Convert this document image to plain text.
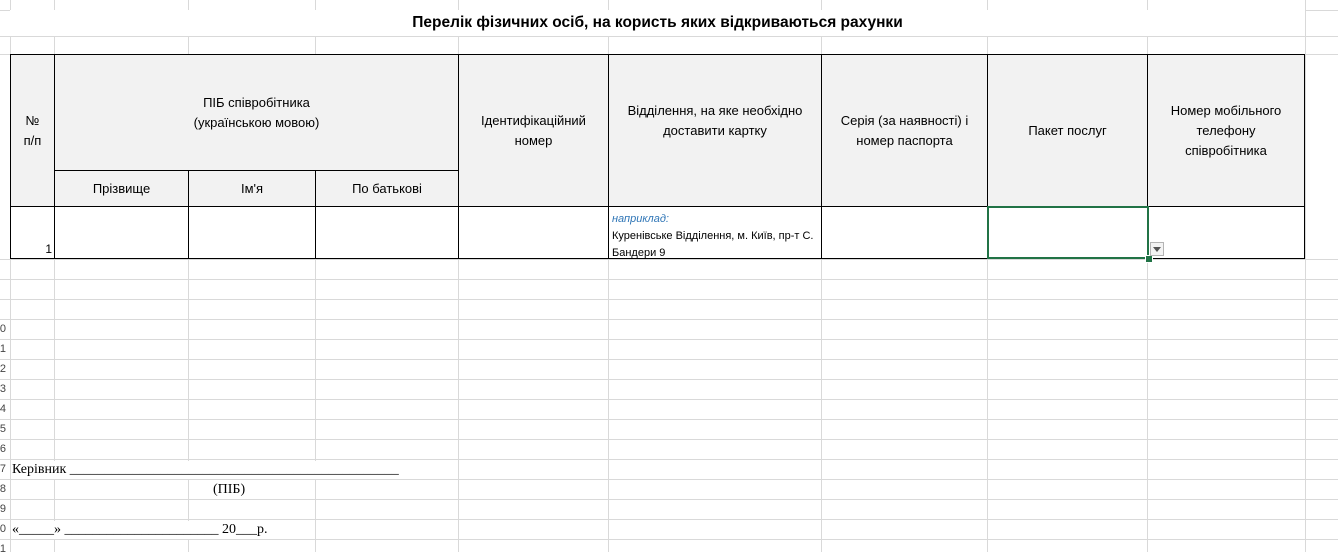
0
1
2
3
4
5
6
7
8
9
0
1
Перелік фізичних осіб, на користь яких відкриваються рахунки
№
п/п
ПІБ співробітника
(українською мовою)
Прізвище	Ім'я	По батькові
Ідентифікаційний
номер
Відділення, на яке необхідно
доставити картку
Серія (за наявності) і
номер паспорта
Пакет послуг
Номер мобільного
телефону
співробітника
1
наприклад:
Куренівське Відділення, м. Київ, пр-т С. Бандери 9
Керівник _______________________________________________
(ПІБ)
«_____» ______________________ 20___р.
